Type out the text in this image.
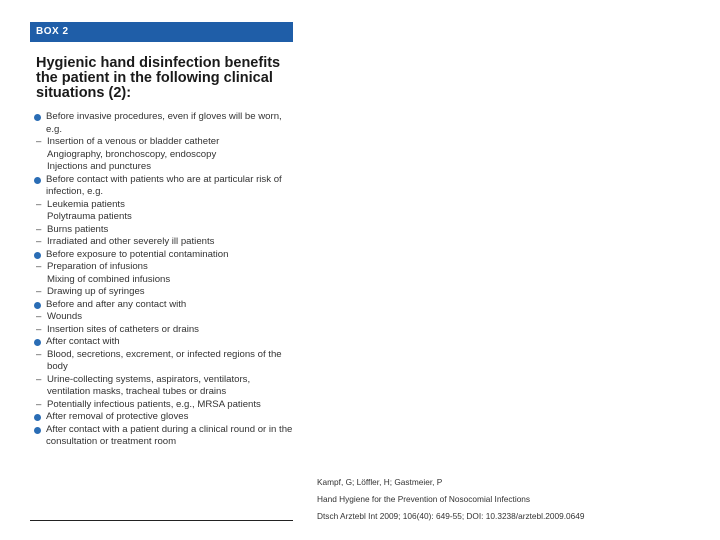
BOX 2
Hygienic hand disinfection benefits the patient in the following clinical situations (2):
Before invasive procedures, even if gloves will be worn, e.g.
– Insertion of a venous or bladder catheter
Angiography, bronchoscopy, endoscopy
Injections and punctures
Before contact with patients who are at particular risk of infection, e.g.
– Leukemia patients
Polytrauma patients
– Burns patients
– Irradiated and other severely ill patients
Before exposure to potential contamination
– Preparation of infusions
Mixing of combined infusions
– Drawing up of syringes
Before and after any contact with
– Wounds
– Insertion sites of catheters or drains
After contact with
– Blood, secretions, excrement, or infected regions of the body
– Urine-collecting systems, aspirators, ventilators, ventilation masks, tracheal tubes or drains
– Potentially infectious patients, e.g., MRSA patients
After removal of protective gloves
After contact with a patient during a clinical round or in the consultation or treatment room
Kampf, G; Löffler, H; Gastmeier, P
Hand Hygiene for the Prevention of Nosocomial Infections
Dtsch Arztebl Int 2009; 106(40): 649-55; DOI: 10.3238/arztebl.2009.0649
